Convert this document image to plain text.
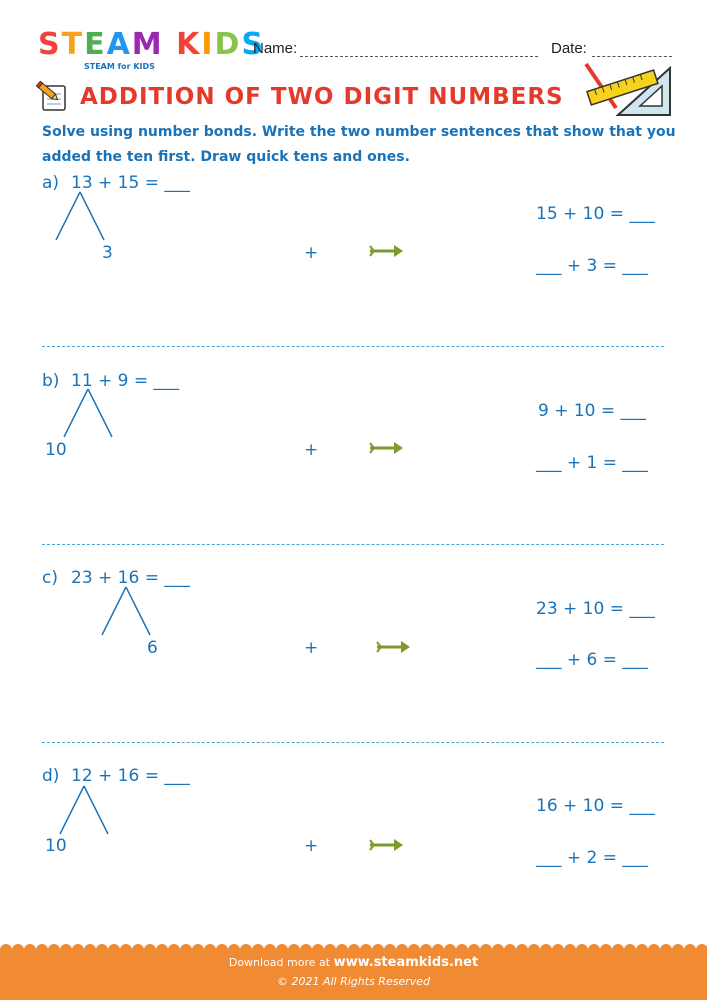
STEAM KIDS
STEAM for KIDS
Name:	Date:
ADDITION OF TWO DIGIT NUMBERS
Solve using number bonds. Write the two number sentences that show that you added the ten first. Draw quick tens and ones.
a) 13 + 15 = ___
3	+
15 + 10 = ___
___ + 3 = ___
b) 11 + 9 = ___
10	+
9 + 10 = ___
___ + 1 = ___
c) 23 + 16 = ___
6	+
23 + 10 = ___
___ + 6 = ___
d) 12 + 16 = ___
10	+
16 + 10 = ___
___ + 2 = ___
Download more at www.steamkids.net
© 2021 All Rights Reserved
